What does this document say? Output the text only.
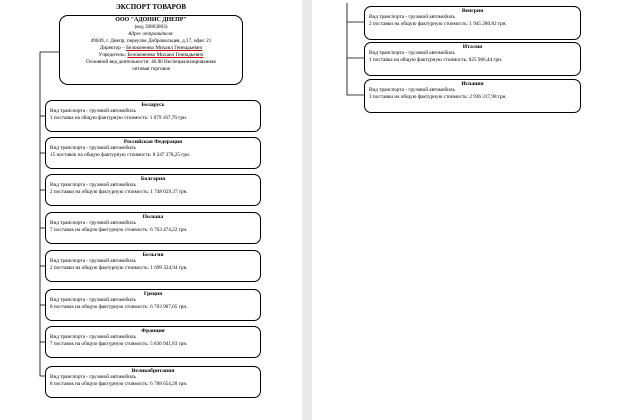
ЭКСПОРТ ТОВАРОВ
ООО "АДОНИС ДНЕПР"
(код 39803003)
Адрес отправителя:
49049, г. Днепр, переулок Добровольцев, д.17, офис 21
Директор – Белоконенко Михаил Геннадьевич
Учредитель: Белоконенко Михаил Геннадьевич
Основной вид деятельности: 46.90 Неспециализированная
оптовая торговля
Беларусь
Вид транспорта - грузовой автомобиль
1 поставка на общую фактурную стоимость: 1 079 167,76 грн.
Российская Федерация
Вид транспорта - грузовой автомобиль
15 поставок на общую фактурную стоимость: 8 247 378,25 грн.
Болгария
Вид транспорта - грузовой автомобиль
2 поставки на общую фактурную стоимость: 1 748 029,37 грн.
Польша
Вид транспорта - грузовой автомобиль
7 поставок на общую фактурную стоимость: 6 763 474,22 грн.
Бельгия
Вид транспорта - грузовой автомобиль
2 поставки на общую фактурную стоимость: 1 699 324,94 грн.
Греция
Вид транспорта - грузовой автомобиль
8 поставок на общую фактурную стоимость: 6 703 967,05 грн.
Франция
Вид транспорта - грузовой автомобиль
7 поставок на общую фактурную стоимость: 5 836 941,83 грн.
Великобритания
Вид транспорта - грузовой автомобиль
8 поставок на общую фактурную стоимость: 6 788 654,28 грн.
Венгрия
Вид транспорта - грузовой автомобиль
2 поставки на общую фактурную стоимость: 1 945 280,82 грн.
Италия
Вид транспорта - грузовой автомобиль
1 поставка на общую фактурную стоимость: 825 966,44 грн.
Испания
Вид транспорта - грузовой автомобиль
3 поставки на общую фактурную стоимость: 2 936 317,98 грн.
